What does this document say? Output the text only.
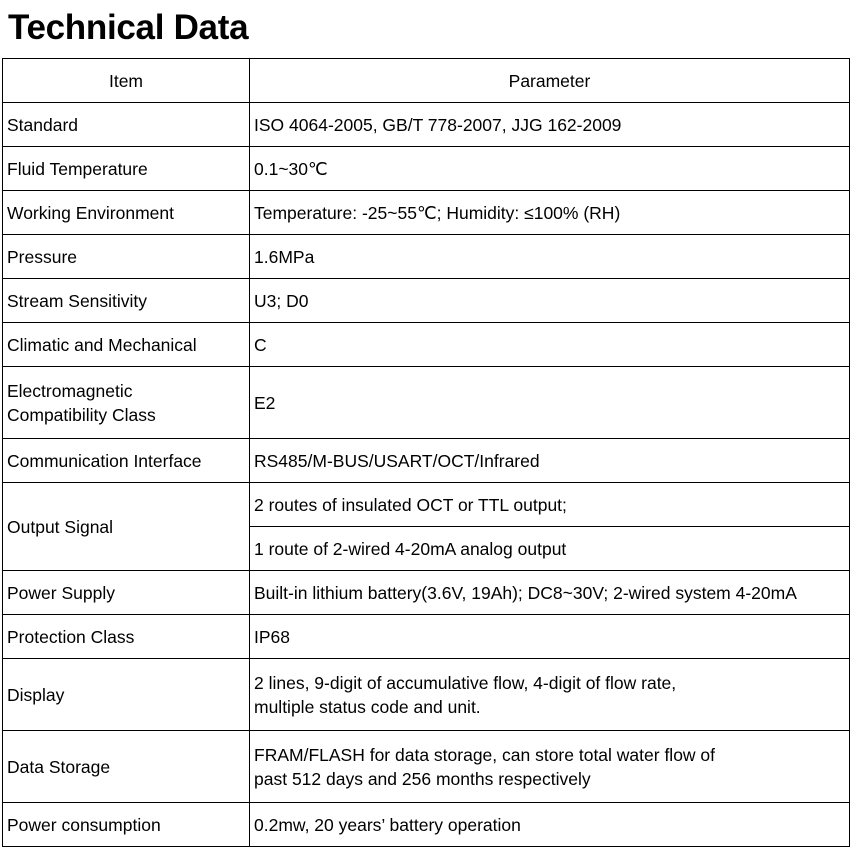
Technical Data
Item	Parameter
Standard	ISO 4064-2005, GB/T 778-2007, JJG 162-2009
Fluid Temperature	0.1~30℃
Working Environment	Temperature: -25~55℃; Humidity: ≤100% (RH)
Pressure	1.6MPa
Stream Sensitivity	U3; D0
Climatic and Mechanical	C

Electromagnetic
Compatibility Class	E2
Communication Interface	RS485/M-BUS/USART/OCT/Infrared
Output Signal	2 routes of insulated OCT or TTL output;
	1 route of 2-wired 4-20mA analog output
Power Supply	Built-in lithium battery(3.6V, 19Ah); DC8~30V; 2-wired system 4-20mA
Protection Class	IP68
Display	2 lines, 9-digit of accumulative flow, 4-digit of flow rate,
multiple status code and unit.

Data Storage	FRAM/FLASH for data storage, can store total water flow of
past 512 days and 256 months respectively

Power consumption	0.2mw, 20 years’ battery operation
